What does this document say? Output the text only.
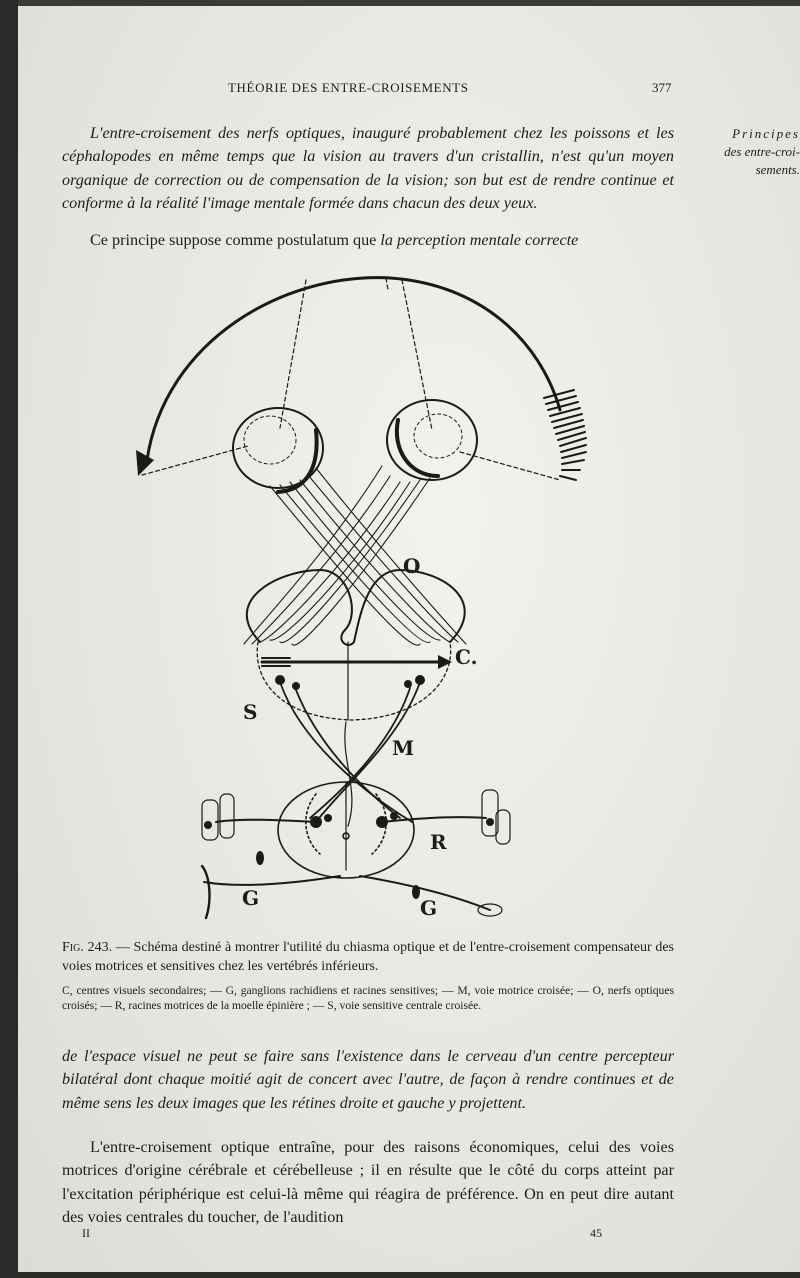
THÉORIE DES ENTRE-CROISEMENTS	377
Principes
des entre-croi-
sements.

L'entre-croisement des nerfs optiques, inauguré probablement chez les poissons et les céphalopodes en même temps que la vision au travers d'un cristallin, n'est qu'un moyen organique de correction ou de compensation de la vision; son but est de rendre continue et conforme à la réalité l'image mentale formée dans chacun des deux yeux.

Ce principe suppose comme postulatum que la perception mentale correcte

O
C.
S
M
R
G	G

Fig. 243. — Schéma destiné à montrer l'utilité du chiasma optique et de l'entre-croisement compensateur des voies motrices et sensitives chez les vertébrés inférieurs.

C, centres visuels secondaires; — G, ganglions rachidiens et racines sensitives; — M, voie motrice croisée; — O, nerfs optiques croisés; — R, racines motrices de la moelle épinière ; — S, voie sensitive centrale croisée.

de l'espace visuel ne peut se faire sans l'existence dans le cerveau d'un centre percepteur bilatéral dont chaque moitié agit de concert avec l'autre, de façon à rendre continues et de même sens les deux images que les rétines droite et gauche y projettent.

L'entre-croisement optique entraîne, pour des raisons économiques, celui des voies motrices d'origine cérébrale et cérébelleuse ; il en résulte que le côté du corps atteint par l'excitation périphérique est celui-là même qui réagira de préférence. On en peut dire autant des voies centrales du toucher, de l'audition

II	45
